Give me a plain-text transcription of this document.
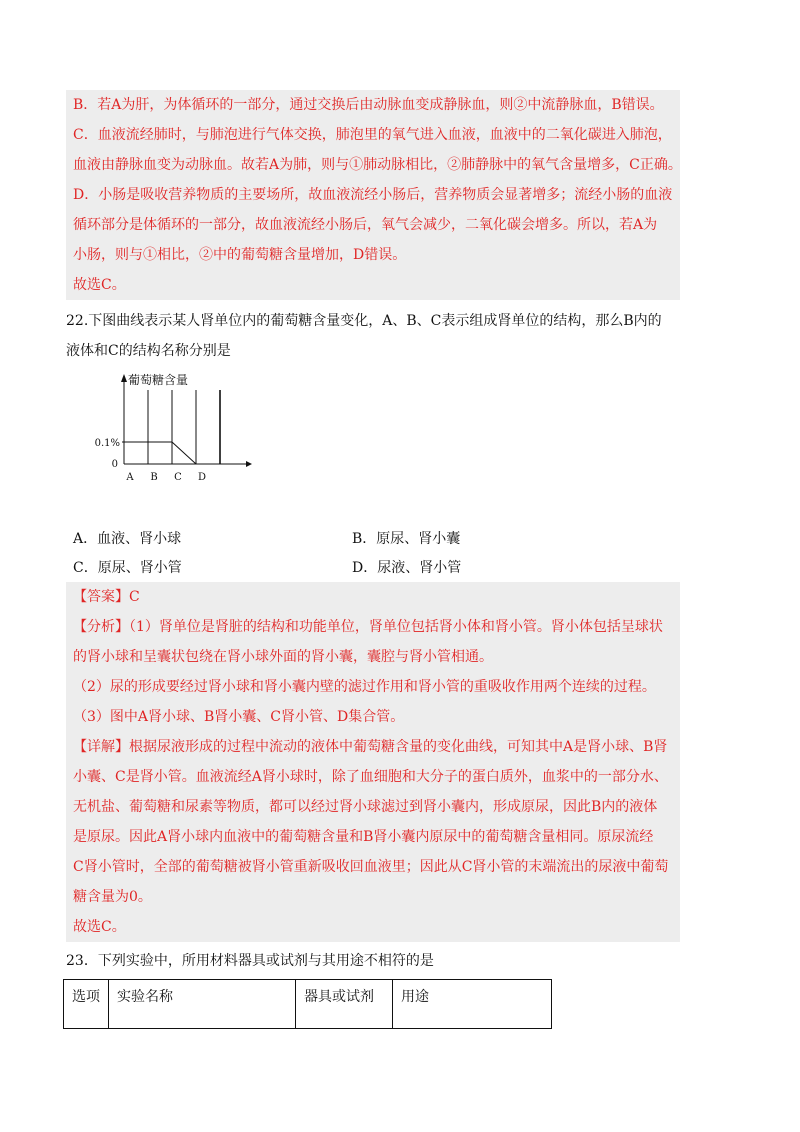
B．若A为肝，为体循环的一部分，通过交换后由动脉血变成静脉血，则②中流静脉血，B错误。

C．血液流经肺时，与肺泡进行气体交换，肺泡里的氧气进入血液，血液中的二氧化碳进入肺泡，

血液由静脉血变为动脉血。故若A为肺，则与①肺动脉相比，②肺静脉中的氧气含量增多，C正确。

D．小肠是吸收营养物质的主要场所，故血液流经小肠后，营养物质会显著增多；流经小肠的血液

循环部分是体循环的一部分，故血液流经小肠后，氧气会减少，二氧化碳会增多。所以，若A为

小肠，则与①相比，②中的葡萄糖含量增加，D错误。

故选C。

22.下图曲线表示某人肾单位内的葡萄糖含量变化，A、B、C表示组成肾单位的结构，那么B内的
液体和C的结构名称分别是
葡萄糖含量
0.1%
0
A B C D
A．血液、肾小球	B．原尿、肾小囊
C．原尿、肾小管	D．尿液、肾小管

【答案】C

【分析】（1）肾单位是肾脏的结构和功能单位，肾单位包括肾小体和肾小管。肾小体包括呈球状

的肾小球和呈囊状包绕在肾小球外面的肾小囊，囊腔与肾小管相通。

（2）尿的形成要经过肾小球和肾小囊内壁的滤过作用和肾小管的重吸收作用两个连续的过程。

（3）图中A肾小球、B肾小囊、C肾小管、D集合管。

【详解】根据尿液形成的过程中流动的液体中葡萄糖含量的变化曲线，可知其中A是肾小球、B肾

小囊、C是肾小管。血液流经A肾小球时，除了血细胞和大分子的蛋白质外，血浆中的一部分水、

无机盐、葡萄糖和尿素等物质，都可以经过肾小球滤过到肾小囊内，形成原尿，因此B内的液体

是原尿。因此A肾小球内血液中的葡萄糖含量和B肾小囊内原尿中的葡萄糖含量相同。原尿流经

C肾小管时，全部的葡萄糖被肾小管重新吸收回血液里；因此从C肾小管的末端流出的尿液中葡萄

糖含量为0。

故选C。

23．下列实验中，所用材料器具或试剂与其用途不相符的是
选项	实验名称	器具或试剂	用途
